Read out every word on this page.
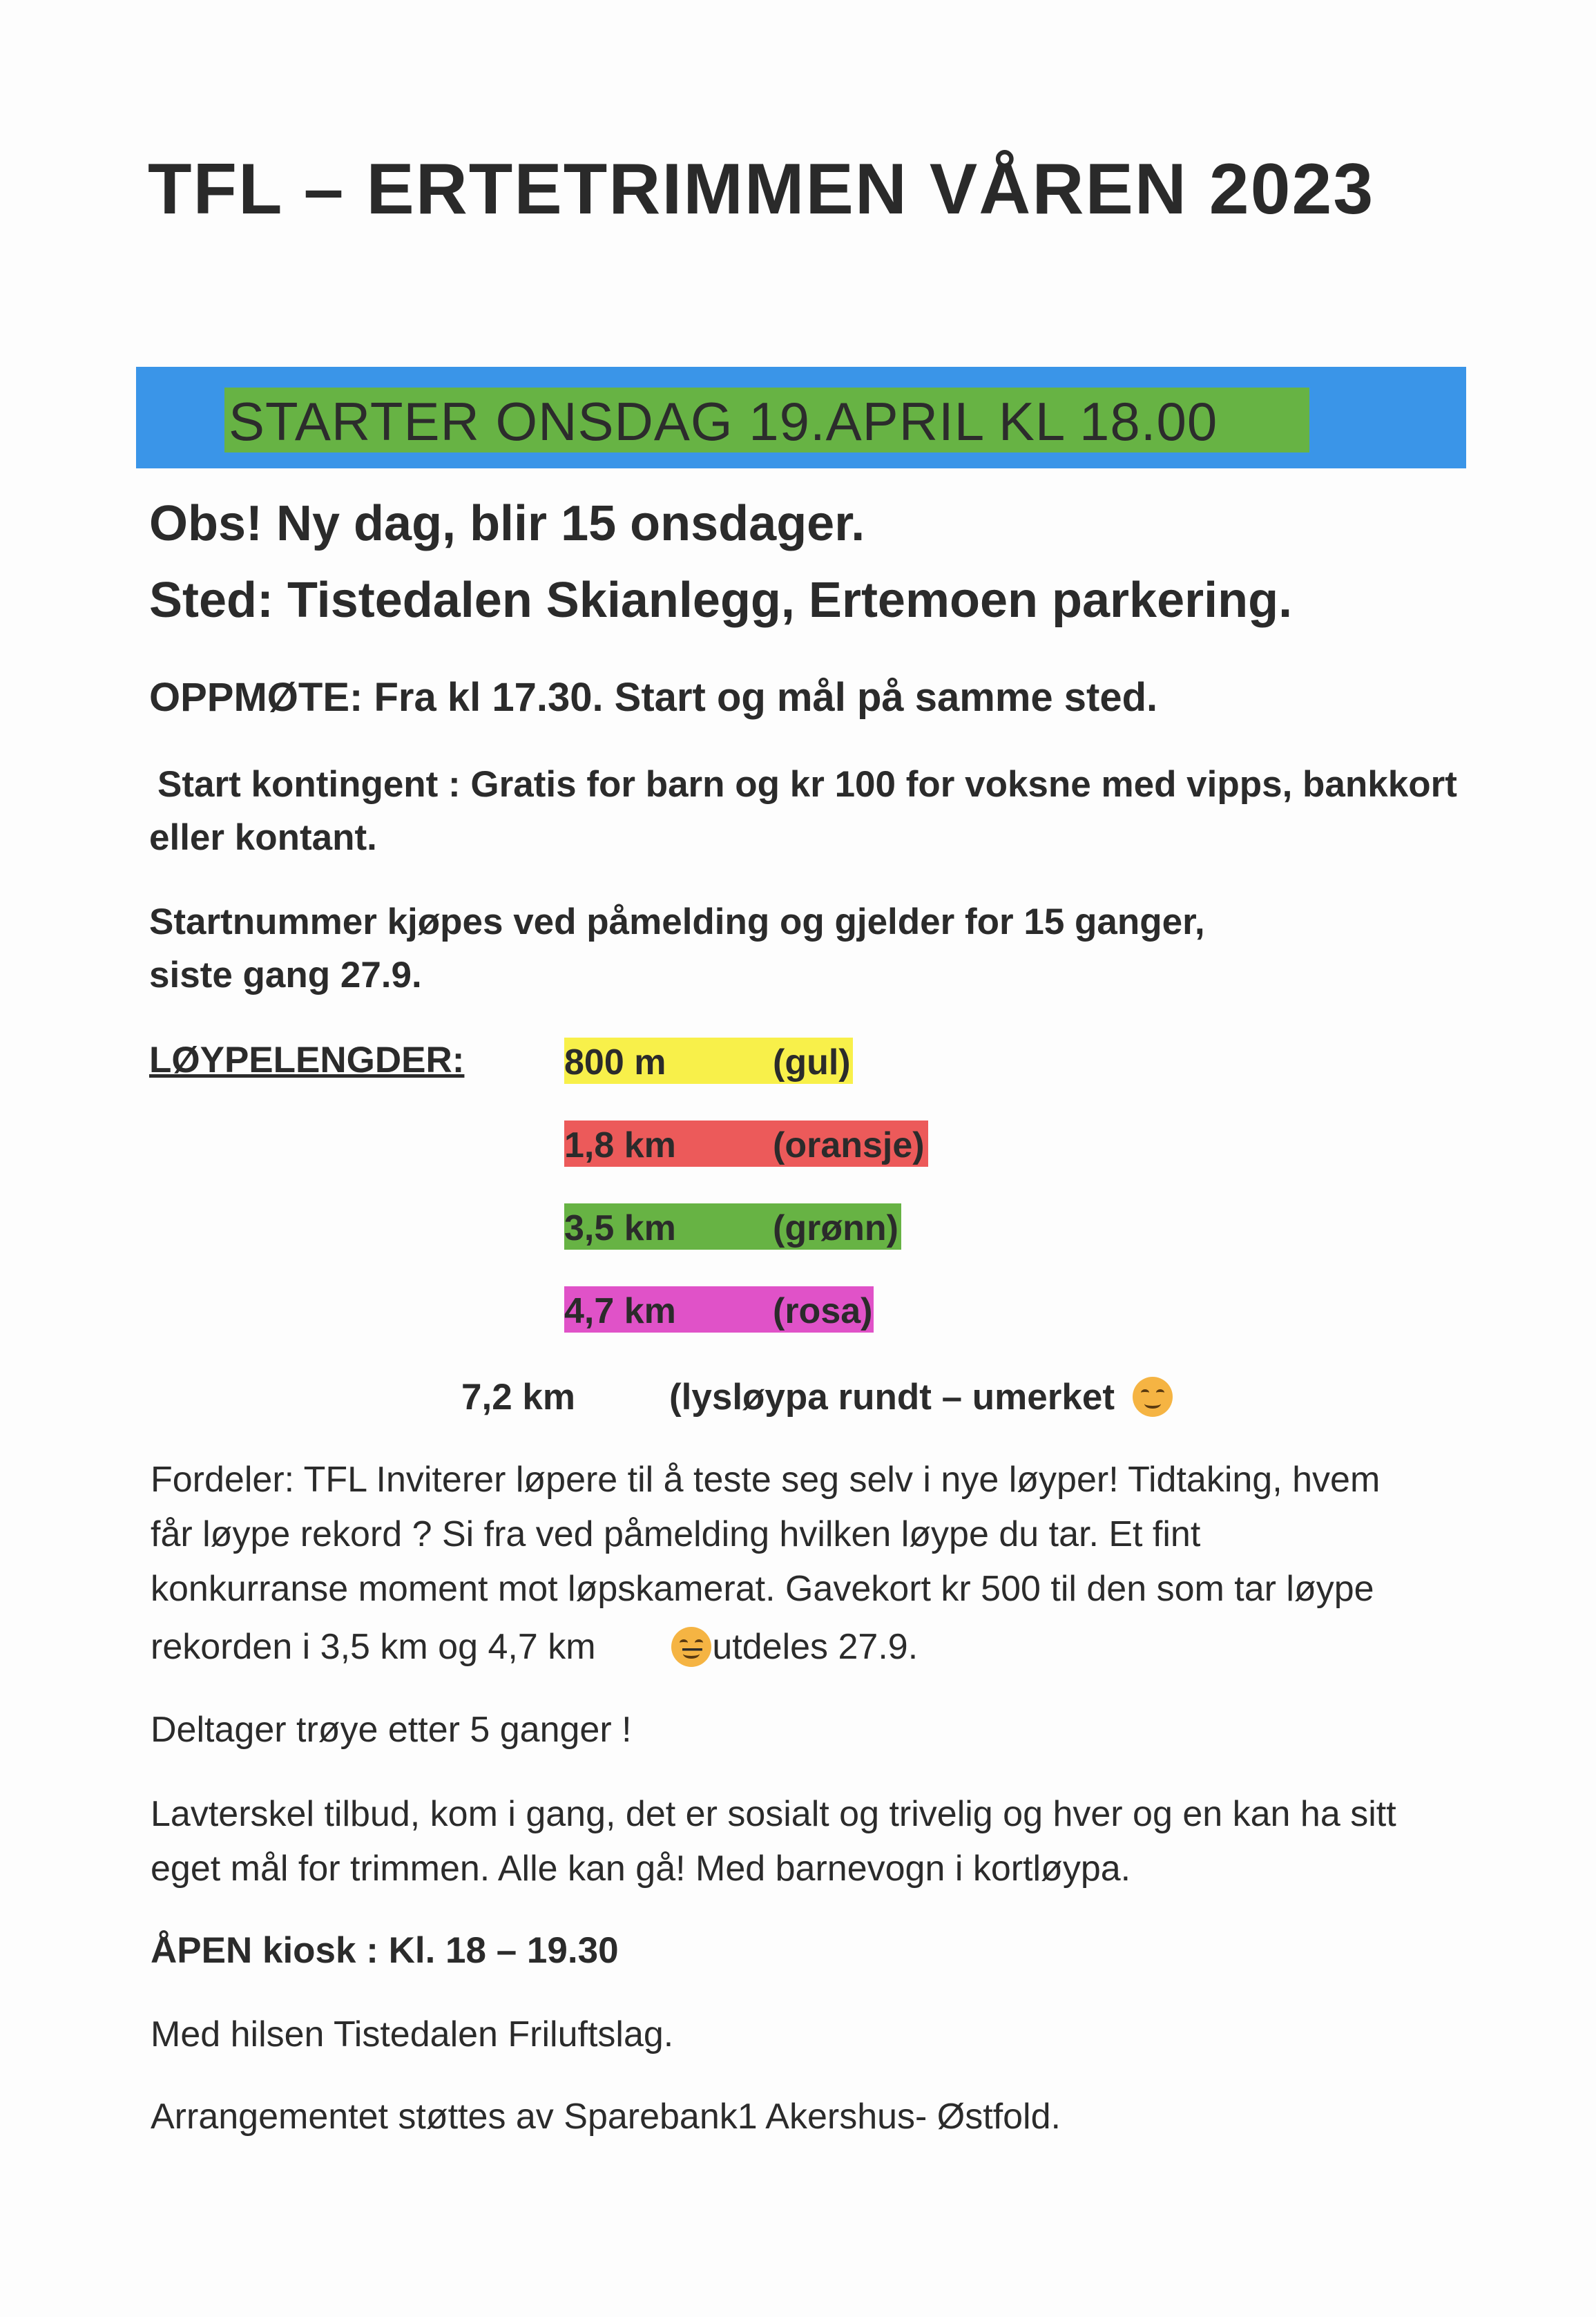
TFL – ERTETRIMMEN VÅREN 2023
STARTER ONSDAG 19.APRIL KL 18.00
Obs! Ny dag, blir 15 onsdager.
Sted: Tistedalen Skianlegg, Ertemoen parkering.
OPPMØTE: Fra kl 17.30. Start og mål på samme sted.
Start kontingent : Gratis for barn og kr 100 for voksne med vipps, bankkort
eller kontant.
Startnummer kjøpes ved påmelding og gjelder for 15 ganger,
siste gang 27.9.
LØYPELENGDER:	800 m	(gul)
1,8 km	(oransje)
3,5 km	(grønn)
4,7 km	(rosa)
7,2 km	(lysløypa rundt – umerket

Fordeler: TFL Inviterer løpere til å teste seg selv i nye løyper! Tidtaking, hvem
får løype rekord ? Si fra ved påmelding hvilken løype du tar. Et fint
konkurranse moment mot løpskamerat. Gavekort kr 500 til den som tar løype
rekorden i 3,5 km og 4,7 km – utdeles 27.9.
Deltager trøye etter 5 ganger !
Lavterskel tilbud, kom i gang, det er sosialt og trivelig og hver og en kan ha sitt
eget mål for trimmen. Alle kan gå! Med barnevogn i kortløypa.
ÅPEN kiosk : Kl. 18 – 19.30
Med hilsen Tistedalen Friluftslag.
Arrangementet støttes av Sparebank1 Akershus- Østfold.
